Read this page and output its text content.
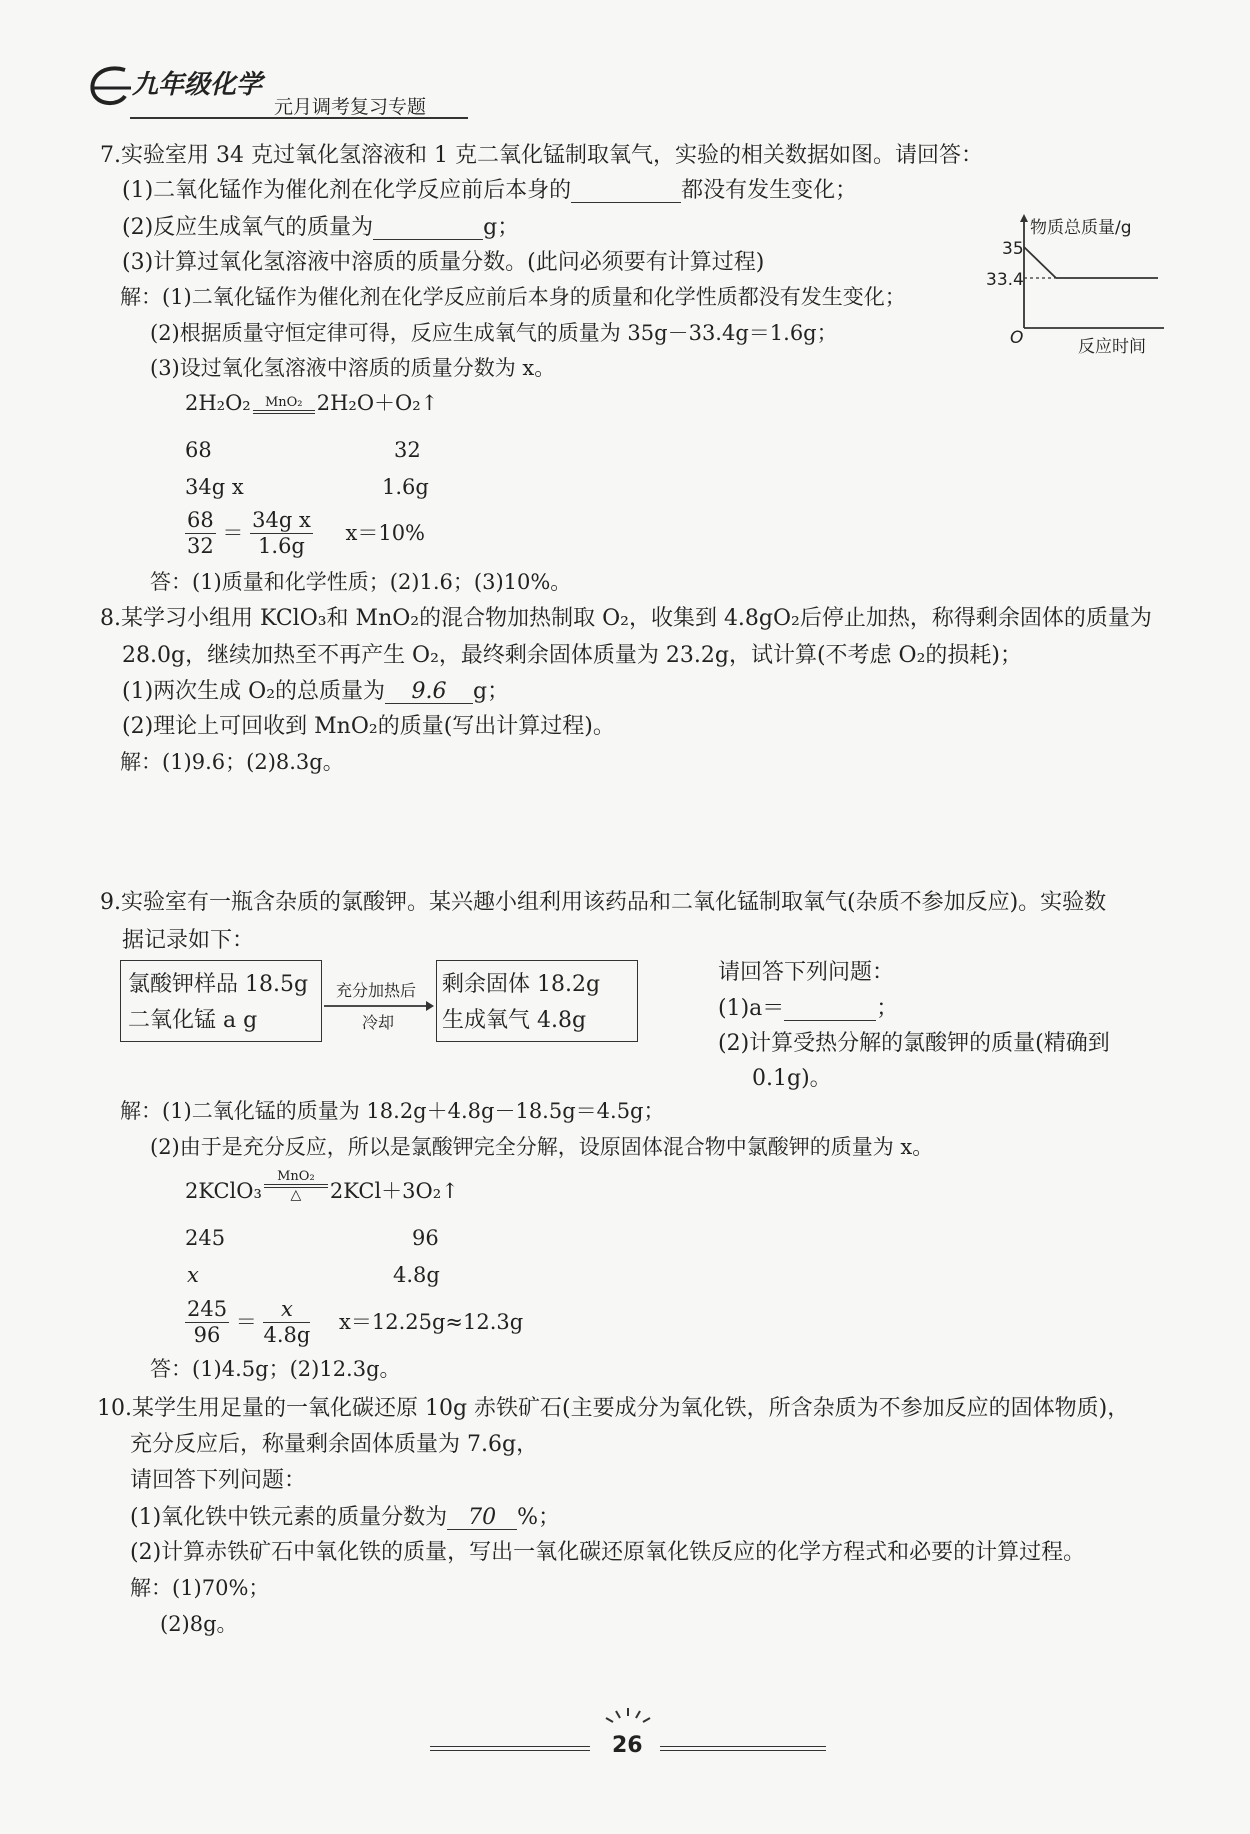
九年级化学
元月调考复习专题
7.实验室用 34 克过氧化氢溶液和 1 克二氧化锰制取氧气，实验的相关数据如图。请回答：
(1)二氧化锰作为催化剂在化学反应前后本身的	都没有发生变化；
(2)反应生成氧气的质量为	g；
(3)计算过氧化氢溶液中溶质的质量分数。(此问必须要有计算过程)
解：(1)二氧化锰作为催化剂在化学反应前后本身的质量和化学性质都没有发生变化；
(2)根据质量守恒定律可得，反应生成氧气的质量为 35g－33.4g＝1.6g；
(3)设过氧化氢溶液中溶质的质量分数为 x。
2H₂O₂	MnO₂ 2H₂O＋O₂↑
68	32
34g x	1.6g
$\frac{68}{32} = \frac{\text{34g x}}{1.6g} x=10\%$
答：(1)质量和化学性质；(2)1.6；(3)10%。
物质总质量/g
反应时间
O
35
33.4
8.某学习小组用 KClO₃和 MnO₂的混合物加热制取 O₂，收集到 4.8gO₂后停止加热，称得剩余固体的质量为
28.0g，继续加热至不再产生 O₂，最终剩余固体质量为 23.2g，试计算(不考虑 O₂的损耗)；
(1)两次生成 O₂的总质量为 9.6 g；
(2)理论上可回收到 MnO₂的质量(写出计算过程)。
解：(1)9.6；(2)8.3g。
9.实验室有一瓶含杂质的氯酸钾。某兴趣小组利用该药品和二氧化锰制取氧气(杂质不参加反应)。实验数
据记录如下：
氯酸钾样品 18.5g
二氧化锰 a g
充分加热后
冷却
剩余固体 18.2g
生成氧气 4.8g
请回答下列问题：
(1)a＝	；
(2)计算受热分解的氯酸钾的质量(精确到
0.1g)。
解：(1)二氧化锰的质量为 18.2g＋4.8g－18.5g＝4.5g；
(2)由于是充分反应，所以是氯酸钾完全分解，设原固体混合物中氯酸钾的质量为 x。
2KClO₃
MnO₂
△	2KCl＋3O₂↑
245	96
x	4.8g
$\frac{245}{96} = \frac{x}{4.8g} x=12.25g\approx 12.3g$
答：(1)4.5g；(2)12.3g。
10.某学生用足量的一氧化碳还原 10g 赤铁矿石(主要成分为氧化铁，所含杂质为不参加反应的固体物质)，
充分反应后，称量剩余固体质量为 7.6g，
请回答下列问题：
(1)氧化铁中铁元素的质量分数为 70 %；
(2)计算赤铁矿石中氧化铁的质量，写出一氧化碳还原氧化铁反应的化学方程式和必要的计算过程。
解：(1)70%；
(2)8g。
26
